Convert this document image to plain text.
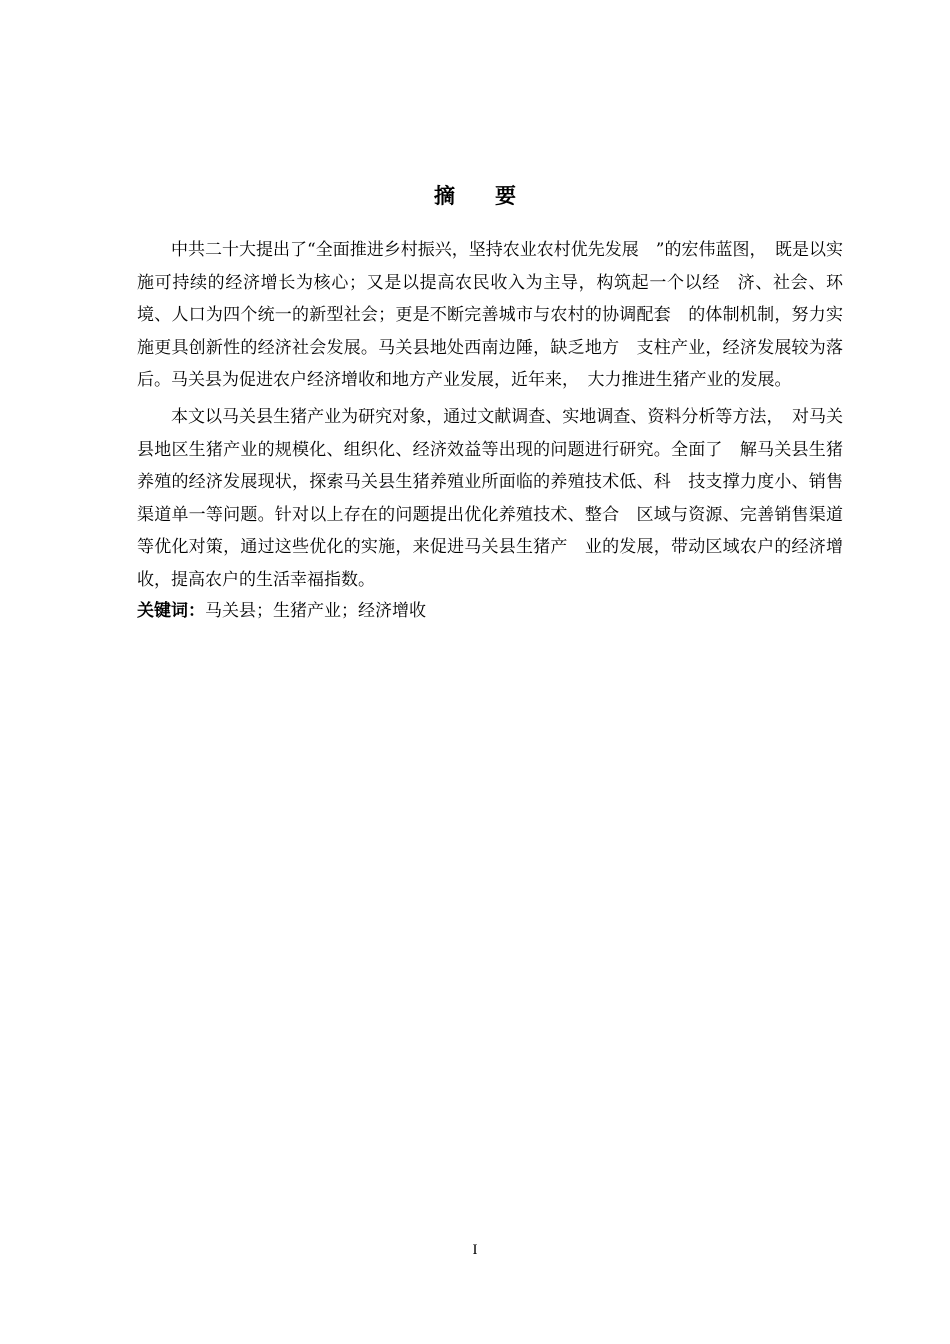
摘 要

中共二十大提出了“全面推进乡村振兴，坚持农业农村优先发展　”的宏伟蓝图，　既是以实施可持续的经济增长为核心；又是以提高农民收入为主导，构筑起一个以经　济、社会、环境、人口为四个统一的新型社会；更是不断完善城市与农村的协调配套　的体制机制，努力实施更具创新性的经济社会发展。马关县地处西南边陲，缺乏地方　支柱产业，经济发展较为落后。马关县为促进农户经济增收和地方产业发展，近年来，　大力推进生猪产业的发展。

本文以马关县生猪产业为研究对象，通过文献调查、实地调查、资料分析等方法，　对马关县地区生猪产业的规模化、组织化、经济效益等出现的问题进行研究。全面了　解马关县生猪养殖的经济发展现状，探索马关县生猪养殖业所面临的养殖技术低、科　技支撑力度小、销售渠道单一等问题。针对以上存在的问题提出优化养殖技术、整合　区域与资源、完善销售渠道等优化对策，通过这些优化的实施，来促进马关县生猪产　业的发展，带动区域农户的经济增收，提高农户的生活幸福指数。

关键词：马关县；生猪产业；经济增收

I
